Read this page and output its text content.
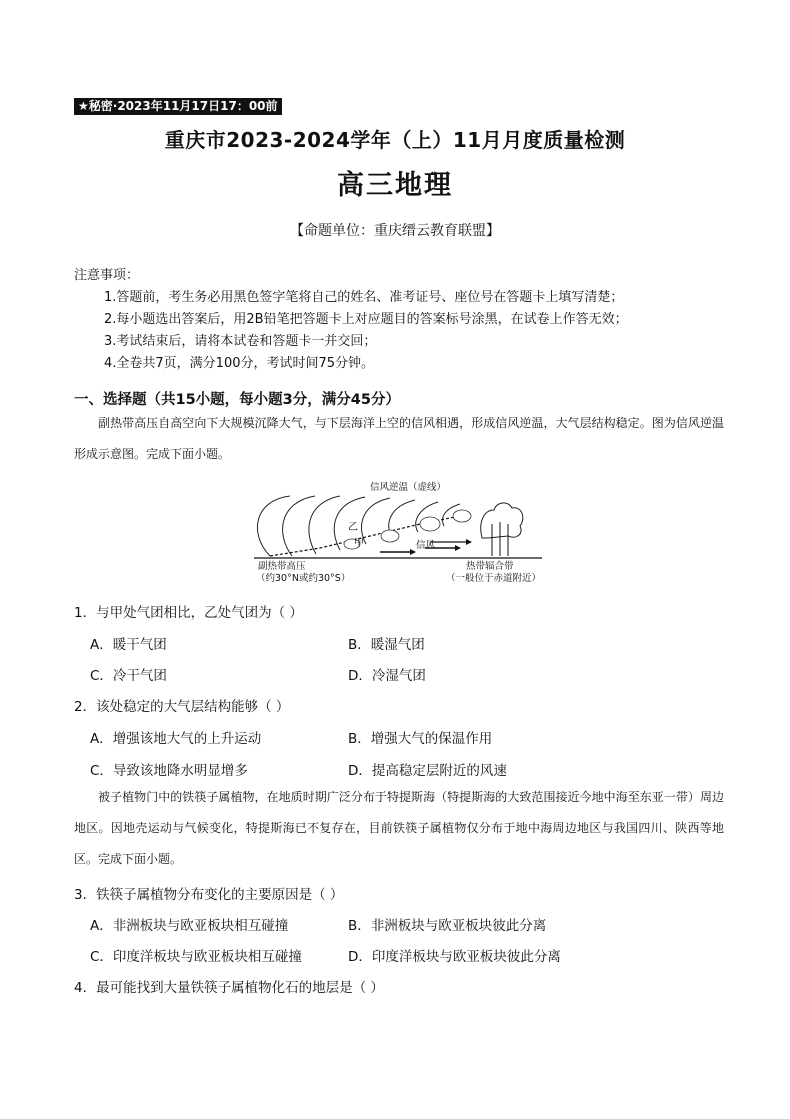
★秘密·2023年11月17日17：00前
重庆市2023-2024学年（上）11月月度质量检测
高三地理
【命题单位：重庆缙云教育联盟】
注意事项：
1.答题前，考生务必用黑色签字笔将自己的姓名、准考证号、座位号在答题卡上填写清楚；
2.每小题选出答案后，用2B铅笔把答题卡上对应题目的答案标号涂黑，在试卷上作答无效；
3.考试结束后，请将本试卷和答题卡一并交回；
4.全卷共7页，满分100分，考试时间75分钟。
一、选择题（共15小题，每小题3分，满分45分）
副热带高压自高空向下大规模沉降大气，与下层海洋上空的信风相遇，形成信风逆温，大气层结构稳定。图为信风逆温形成示意图。完成下面小题。
信风逆温（虚线）
乙
甲	信风
副热带高压
（约30°N或约30°S）
热带辐合带
（一般位于赤道附近）
1．与甲处气团相比，乙处气团为（ ）
A．暖干气团	B．暖湿气团
C．冷干气团	D．冷湿气团
2．该处稳定的大气层结构能够（ ）
A．增强该地大气的上升运动	B．增强大气的保温作用
C．导致该地降水明显增多	D．提高稳定层附近的风速
被子植物门中的铁筷子属植物，在地质时期广泛分布于特提斯海（特提斯海的大致范围接近今地中海至东亚一带）周边地区。因地壳运动与气候变化，特提斯海已不复存在，目前铁筷子属植物仅分布于地中海周边地区与我国四川、陕西等地区。完成下面小题。
3．铁筷子属植物分布变化的主要原因是（ ）
A．非洲板块与欧亚板块相互碰撞	B．非洲板块与欧亚板块彼此分离
C．印度洋板块与欧亚板块相互碰撞	D．印度洋板块与欧亚板块彼此分离
4．最可能找到大量铁筷子属植物化石的地层是（ ）
